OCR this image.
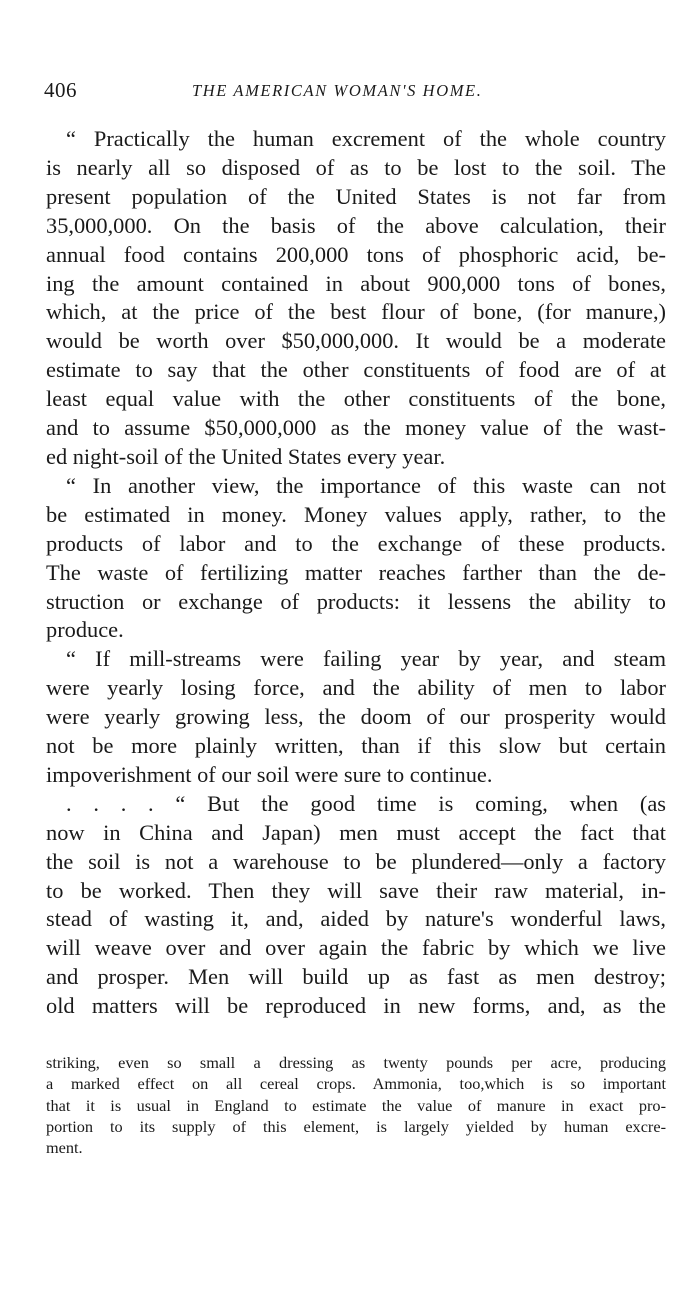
406	THE AMERICAN WOMAN'S HOME.
“ Practically the human excrement of the whole country
is nearly all so disposed of as to be lost to the soil. The
present population of the United States is not far from
35,000,000. On the basis of the above calculation, their
annual food contains 200,000 tons of phosphoric acid, be-
ing the amount contained in about 900,000 tons of bones,
which, at the price of the best flour of bone, (for manure,)
would be worth over $50,000,000. It would be a moderate
estimate to say that the other constituents of food are of at
least equal value with the other constituents of the bone,
and to assume $50,000,000 as the money value of the wast-
ed night-soil of the United States every year.
“ In another view, the importance of this waste can not
be estimated in money. Money values apply, rather, to the
products of labor and to the exchange of these products.
The waste of fertilizing matter reaches farther than the de-
struction or exchange of products: it lessens the ability to
produce.
“ If mill-streams were failing year by year, and steam
were yearly losing force, and the ability of men to labor
were yearly growing less, the doom of our prosperity would
not be more plainly written, than if this slow but certain
impoverishment of our soil were sure to continue.
. . . . “ But the good time is coming, when (as
now in China and Japan) men must accept the fact that
the soil is not a warehouse to be plundered—only a factory
to be worked. Then they will save their raw material, in-
stead of wasting it, and, aided by nature's wonderful laws,
will weave over and over again the fabric by which we live
and prosper. Men will build up as fast as men destroy;
old matters will be reproduced in new forms, and, as the
striking, even so small a dressing as twenty pounds per acre, producing
a marked effect on all cereal crops. Ammonia, too,which is so important
that it is usual in England to estimate the value of manure in exact pro-
portion to its supply of this element, is largely yielded by human excre-
ment.
